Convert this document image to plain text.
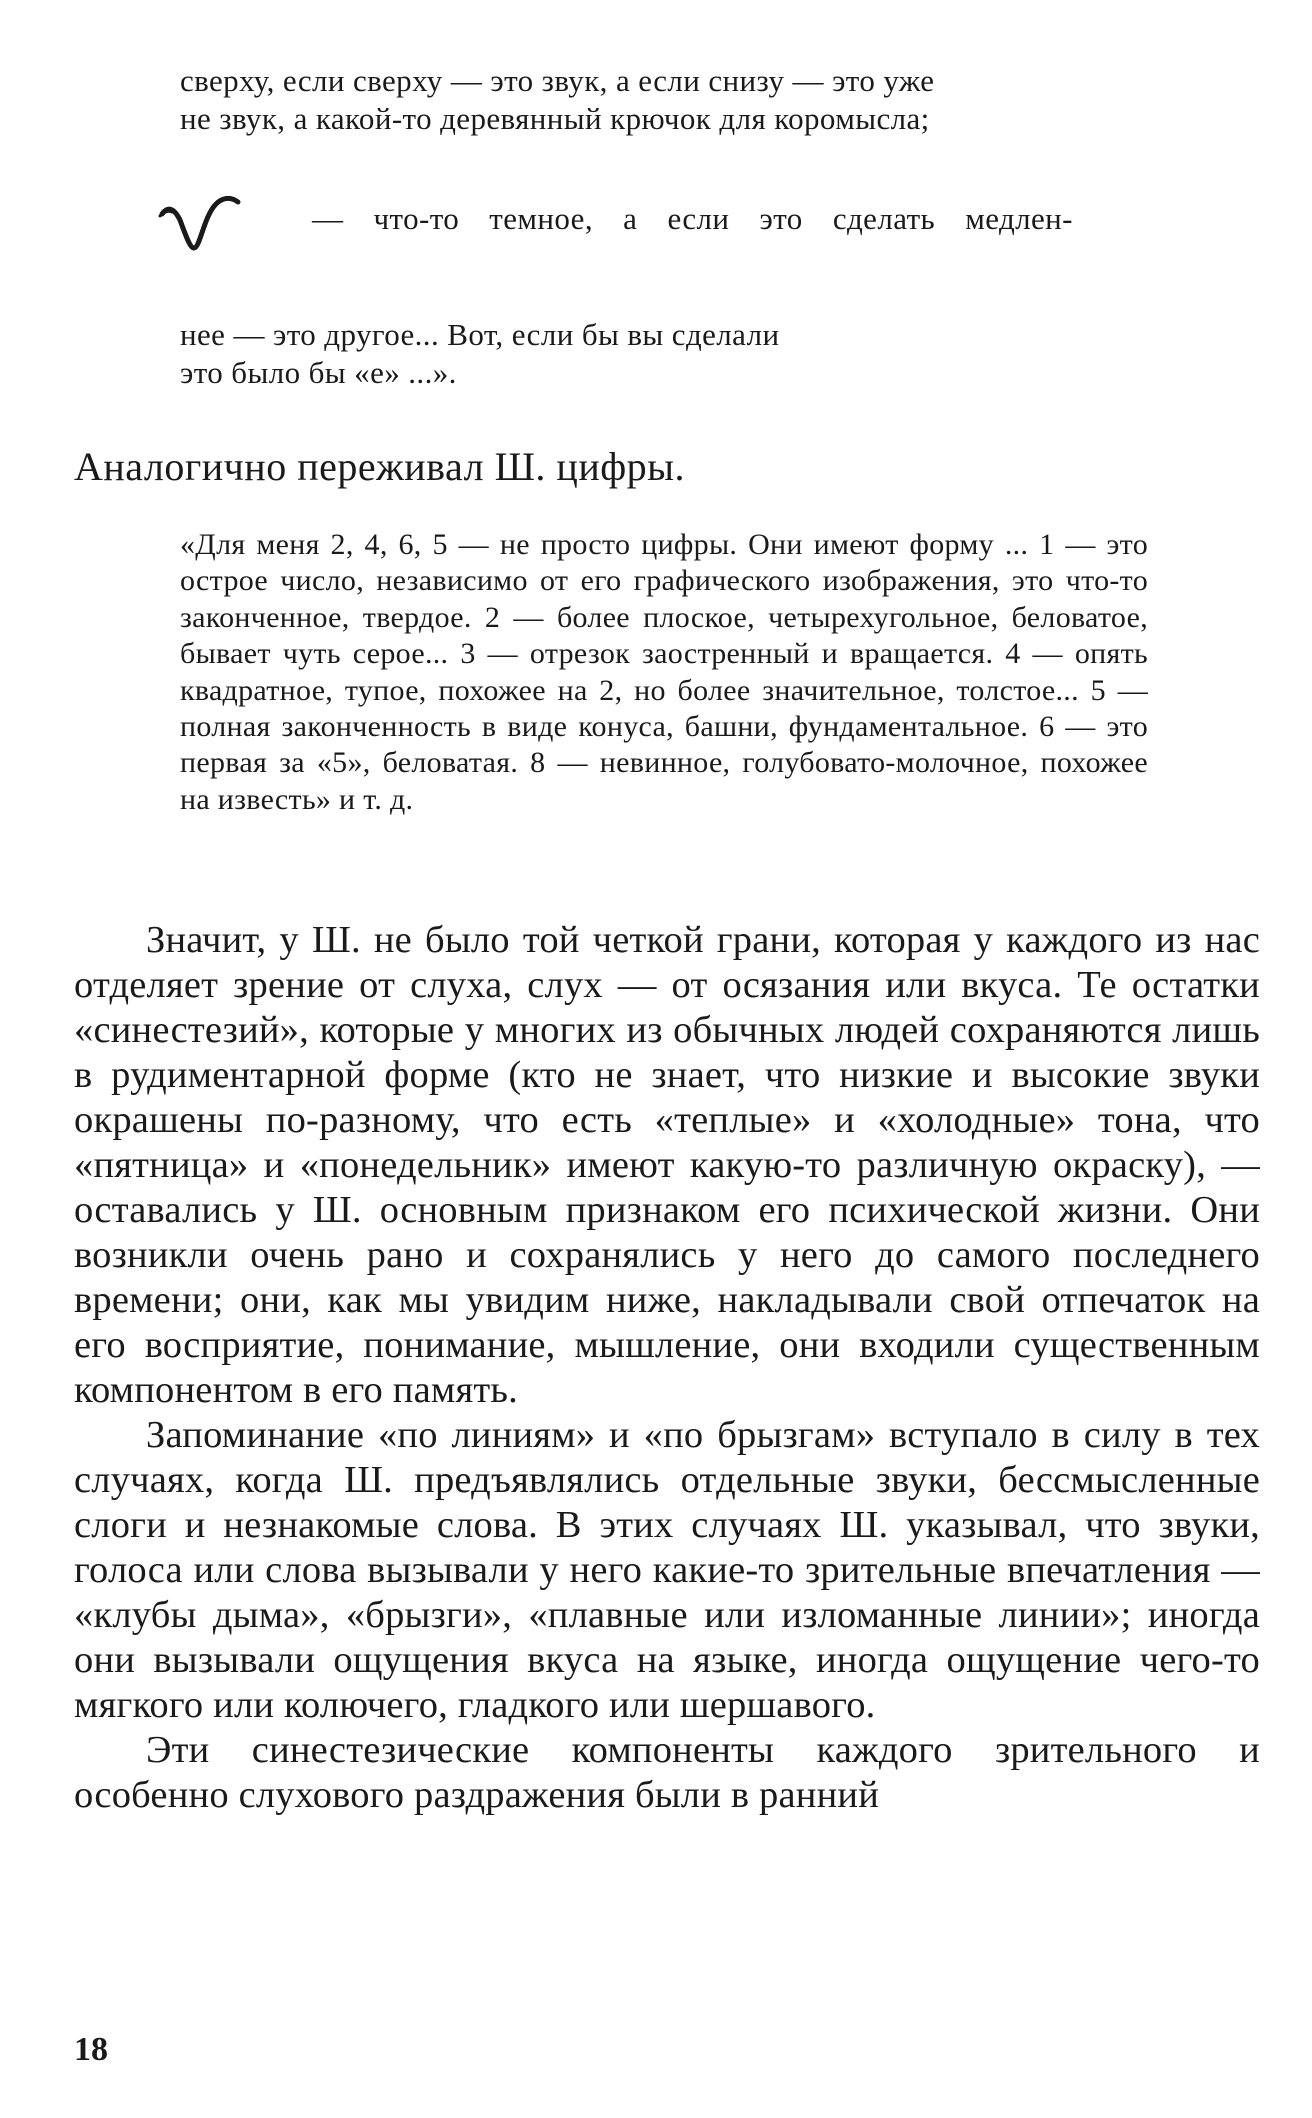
сверху, если сверху — это звук, а если снизу — это уже
не звук, а какой-то деревянный крючок для коромысла;
— что-то темное, а если это сделать медлен-
нее — это другое... Вот, если бы вы сделали
это было бы «е» ...».
Аналогично переживал Ш. цифры.
«Для меня 2, 4, 6, 5 — не просто цифры. Они имеют форму ... 1 — это острое число, независимо от его графического изображения, это что-то законченное, твердое. 2 — более плоское, четырехугольное, беловатое, бывает чуть серое... 3 — отрезок заостренный и вращается. 4 — опять квадратное, тупое, похожее на 2, но более значительное, толстое... 5 — полная законченность в виде конуса, башни, фундаментальное. 6 — это первая за «5», беловатая. 8 — невинное, голубовато-молочное, похожее на известь» и т. д.

Значит, у Ш. не было той четкой грани, которая у каждого из нас отделяет зрение от слуха, слух — от осязания или вкуса. Те остатки «синестезий», которые у многих из обычных людей сохраняются лишь в рудиментарной форме (кто не знает, что низкие и высокие звуки окрашены по-разному, что есть «теплые» и «холодные» тона, что «пятница» и «понедельник» имеют какую-то различную окраску), — оставались у Ш. основным признаком его психической жизни. Они возникли очень рано и сохранялись у него до самого последнего времени; они, как мы увидим ниже, накладывали свой отпечаток на его восприятие, понимание, мышление, они входили существенным компонентом в его память.

Запоминание «по линиям» и «по брызгам» вступало в силу в тех случаях, когда Ш. предъявлялись отдельные звуки, бессмысленные слоги и незнакомые слова. В этих случаях Ш. указывал, что звуки, голоса или слова вызывали у него какие-то зрительные впечатления — «клубы дыма», «брызги», «плавные или изломанные линии»; иногда они вызывали ощущения вкуса на языке, иногда ощущение чего-то мягкого или колючего, гладкого или шершавого.

Эти синестезические компоненты каждого зрительного и особенно слухового раздражения были в ранний

18
